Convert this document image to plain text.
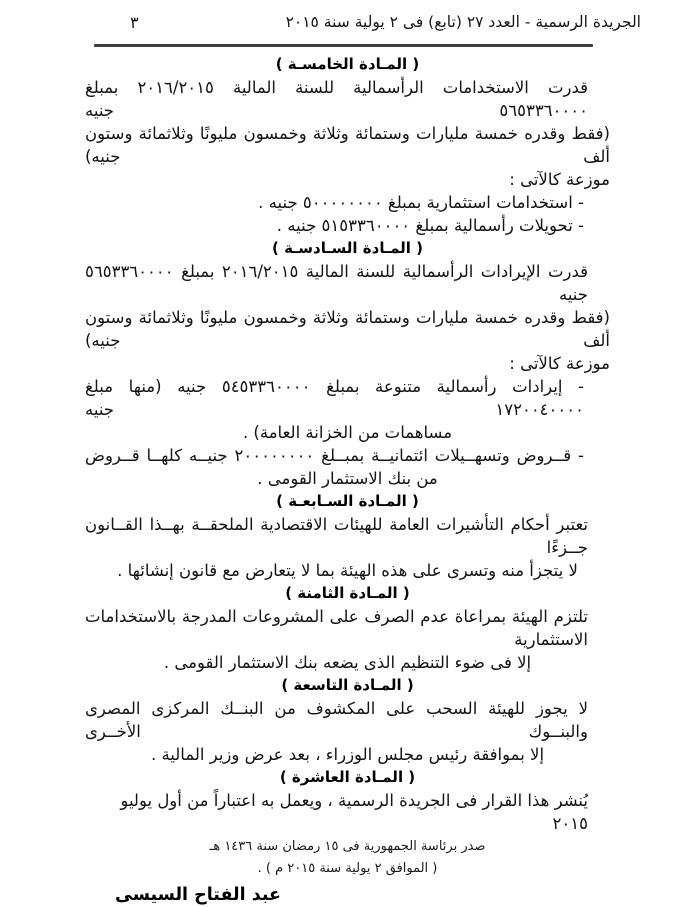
الجريدة الرسمية - العدد ٢٧ (تابع) فى ٢ يولية سنة ٢٠١٥
٣
( المـادة الخامسـة )
قدرت الاستخدامات الرأسمالية للسنة المالية ٢٠١٦/٢٠١٥ بمبلغ ٥٦٥٣٣٦٠٠٠٠ جنيه
(فقط وقدره خمسة مليارات وستمائة وثلاثة وخمسون مليونًا وثلاثمائة وستون ألف جنيه)
موزعة كالآتى :
- استخدامات استثمارية بمبلغ ٥٠٠٠٠٠٠٠٠ جنيه .
- تحويلات رأسمالية بمبلغ ٥١٥٣٣٦٠٠٠٠ جنيه .
( المـادة السـادسـة )
قدرت الإيرادات الرأسمالية للسنة المالية ٢٠١٦/٢٠١٥ بمبلغ ٥٦٥٣٣٦٠٠٠٠ جنيه
(فقط وقدره خمسة مليارات وستمائة وثلاثة وخمسون مليونًا وثلاثمائة وستون ألف جنيه)
موزعة كالآتى :
- إيرادات رأسمالية متنوعة بمبلغ ٥٤٥٣٣٦٠٠٠٠ جنيه (منها مبلغ ١٧٢٠٠٤٠٠٠٠ جنيه
مساهمات من الخزانة العامة) .
- قــروض وتسهــيلات ائتمانيــة بمبــلغ ٢٠٠٠٠٠٠٠٠ جنيــه كلهــا قــروض
من بنك الاستثمار القومى .
( المـادة السـابعـة )
تعتبر أحكام التأشيرات العامة للهيئات الاقتصادية الملحقــة بهــذا القــانون جــزءًا
لا يتجزأ منه وتسرى على هذه الهيئة بما لا يتعارض مع قانون إنشائها .
( المـادة الثامنة )
تلتزم الهيئة بمراعاة عدم الصرف على المشروعات المدرجة بالاستخدامات الاستثمارية
إلا فى ضوء التنظيم الذى يضعه بنك الاستثمار القومى .
( المـادة التاسعة )
لا يجوز للهيئة السحب على المكشوف من البنــك المركزى المصرى والبنــوك الأخــرى
إلا بموافقة رئيس مجلس الوزراء ، بعد عرض وزير المالية .
( المـادة العاشرة )
يُنشر هذا القرار فى الجريدة الرسمية ، ويعمل به اعتباراً من أول يوليو ٢٠١٥
صدر برئاسة الجمهورية فى ١٥ رمضان سنة ١٤٣٦ هـ
( الموافق ٢ يولية سنة ٢٠١٥ م ) .
عبد الفتاح السيسى
